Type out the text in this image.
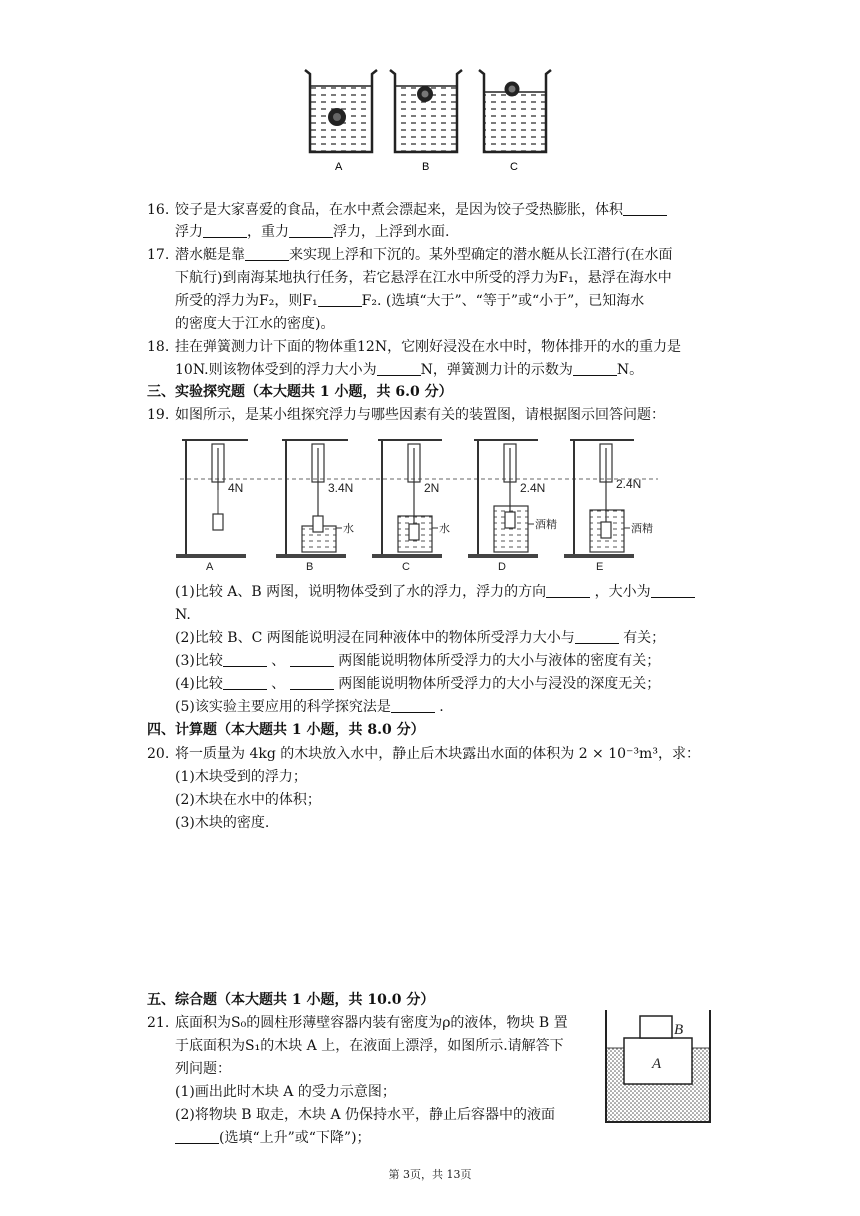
A	B	C
16. 饺子是大家喜爱的食品，在水中煮会漂起来，是因为饺子受热膨胀，体积
浮力	，重力	浮力，上浮到水面.
17. 潜水艇是靠	来实现上浮和下沉的。某外型确定的潜水艇从长江潜行(在水面
下航行)到南海某地执行任务，若它悬浮在江水中所受的浮力为F₁，悬浮在海水中
所受的浮力为F₂，则F₁	F₂. (选填“大于”、“等于”或“小于”，已知海水
的密度大于江水的密度)。
18. 挂在弹簧测力计下面的物体重12N，它刚好浸没在水中时，物体排开的水的重力是
10N.则该物体受到的浮力大小为	N，弹簧测力计的示数为	N。
三、实验探究题（本大题共 1 小题，共 6.0 分）
19. 如图所示，是某小组探究浮力与哪些因素有关的装置图，请根据图示回答问题：
4N
A
3.4N
水
B
2N
水
C
2.4N
酒精
D
2.4N
酒精
E
(1)比较 A、B 两图，说明物体受到了水的浮力，浮力的方向	，大小为
N.
(2)比较 B、C 两图能说明浸在同种液体中的物体所受浮力大小与	有关；
(3)比较	、	两图能说明物体所受浮力的大小与液体的密度有关；
(4)比较	、	两图能说明物体所受浮力的大小与浸没的深度无关；
(5)该实验主要应用的科学探究法是	.
四、计算题（本大题共 1 小题，共 8.0 分）
20. 将一质量为 4kg 的木块放入水中，静止后木块露出水面的体积为 2 × 10⁻³m³，求：
(1)木块受到的浮力；
(2)木块在水中的体积；
(3)木块的密度.
五、综合题（本大题共 1 小题，共 10.0 分）
21. 底面积为S₀的圆柱形薄壁容器内装有密度为ρ的液体，物块 B 置
于底面积为S₁的木块 A 上，在液面上漂浮，如图所示.请解答下
列问题：
(1)画出此时木块 A 的受力示意图；
(2)将物块 B 取走，木块 A 仍保持水平，静止后容器中的液面
(选填“上升”或“下降”)；
A
B
第 3页，共 13页
